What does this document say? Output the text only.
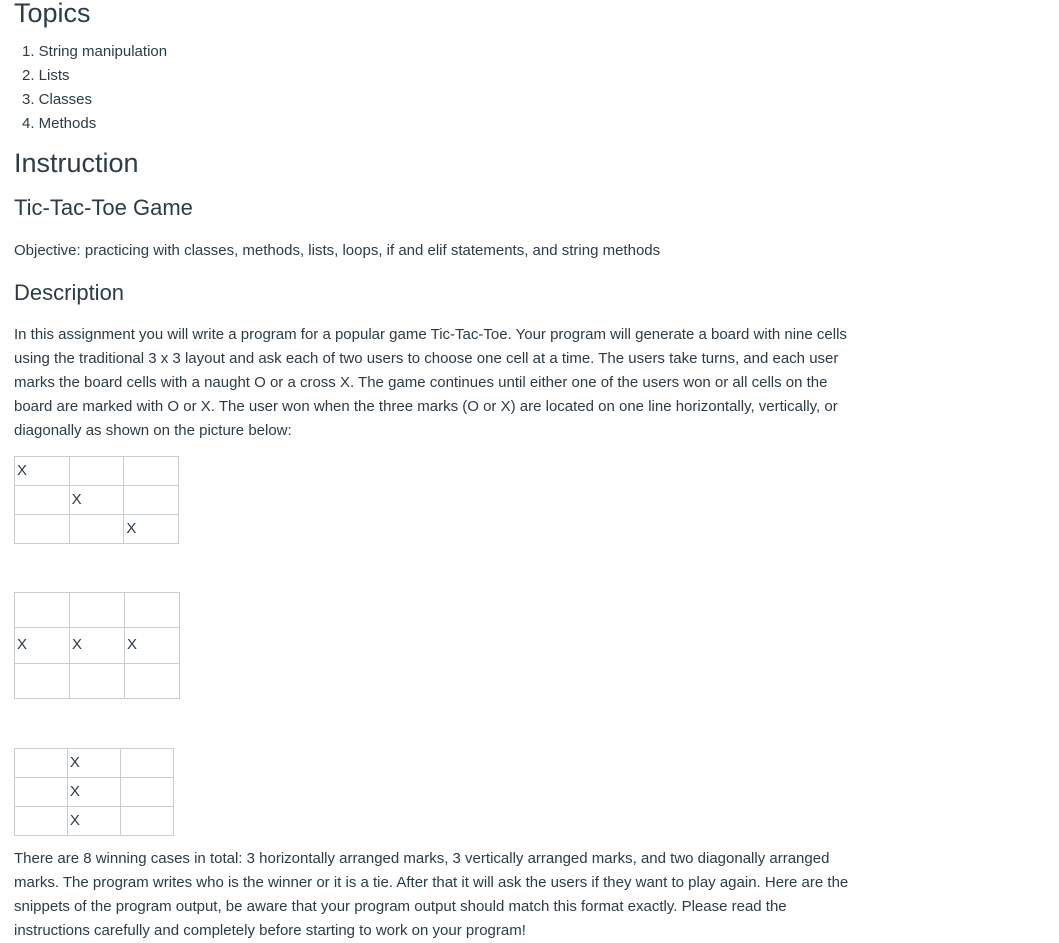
Topics
1. String manipulation
2. Lists
3. Classes
4. Methods
Instruction
Tic-Tac-Toe Game

Objective: practicing with classes, methods, lists, loops, if and elif statements, and string methods

Description

In this assignment you will write a program for a popular game Tic-Tac-Toe. Your program will generate a board with nine cells using the traditional 3 x 3 layout and ask each of two users to choose one cell at a time. The users take turns, and each user marks the board cells with a naught O or a cross X. The game continues until either one of the users won or all cells on the board are marked with O or X. The user won when the three marks (O or X) are located on one line horizontally, vertically, or diagonally as shown on the picture below:

X		
	X	
		X

X	X	X

	X	
	X	
	X	

There are 8 winning cases in total: 3 horizontally arranged marks, 3 vertically arranged marks, and two diagonally arranged marks. The program writes who is the winner or it is a tie. After that it will ask the users if they want to play again. Here are the snippets of the program output, be aware that your program output should match this format exactly. Please read the instructions carefully and completely before starting to work on your program!
